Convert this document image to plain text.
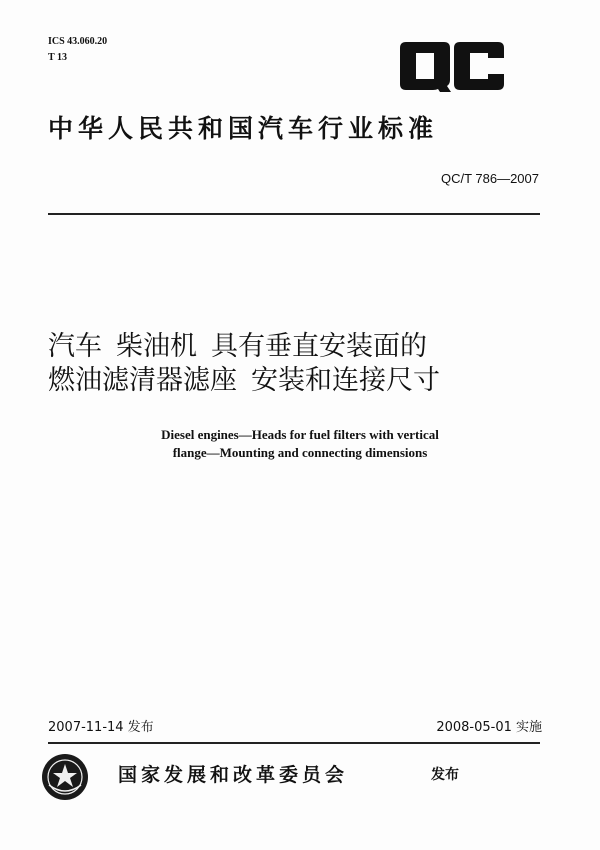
ICS 43.060.20
T 13
中华人民共和国汽车行业标准
QC/T 786—2007
汽车 柴油机 具有垂直安装面的
燃油滤清器滤座 安装和连接尺寸
Diesel engines—Heads for fuel filters with vertical
flange—Mounting and connecting dimensions
2007-11-14 发布	2008-05-01 实施
国家发展和改革委员会	发布
